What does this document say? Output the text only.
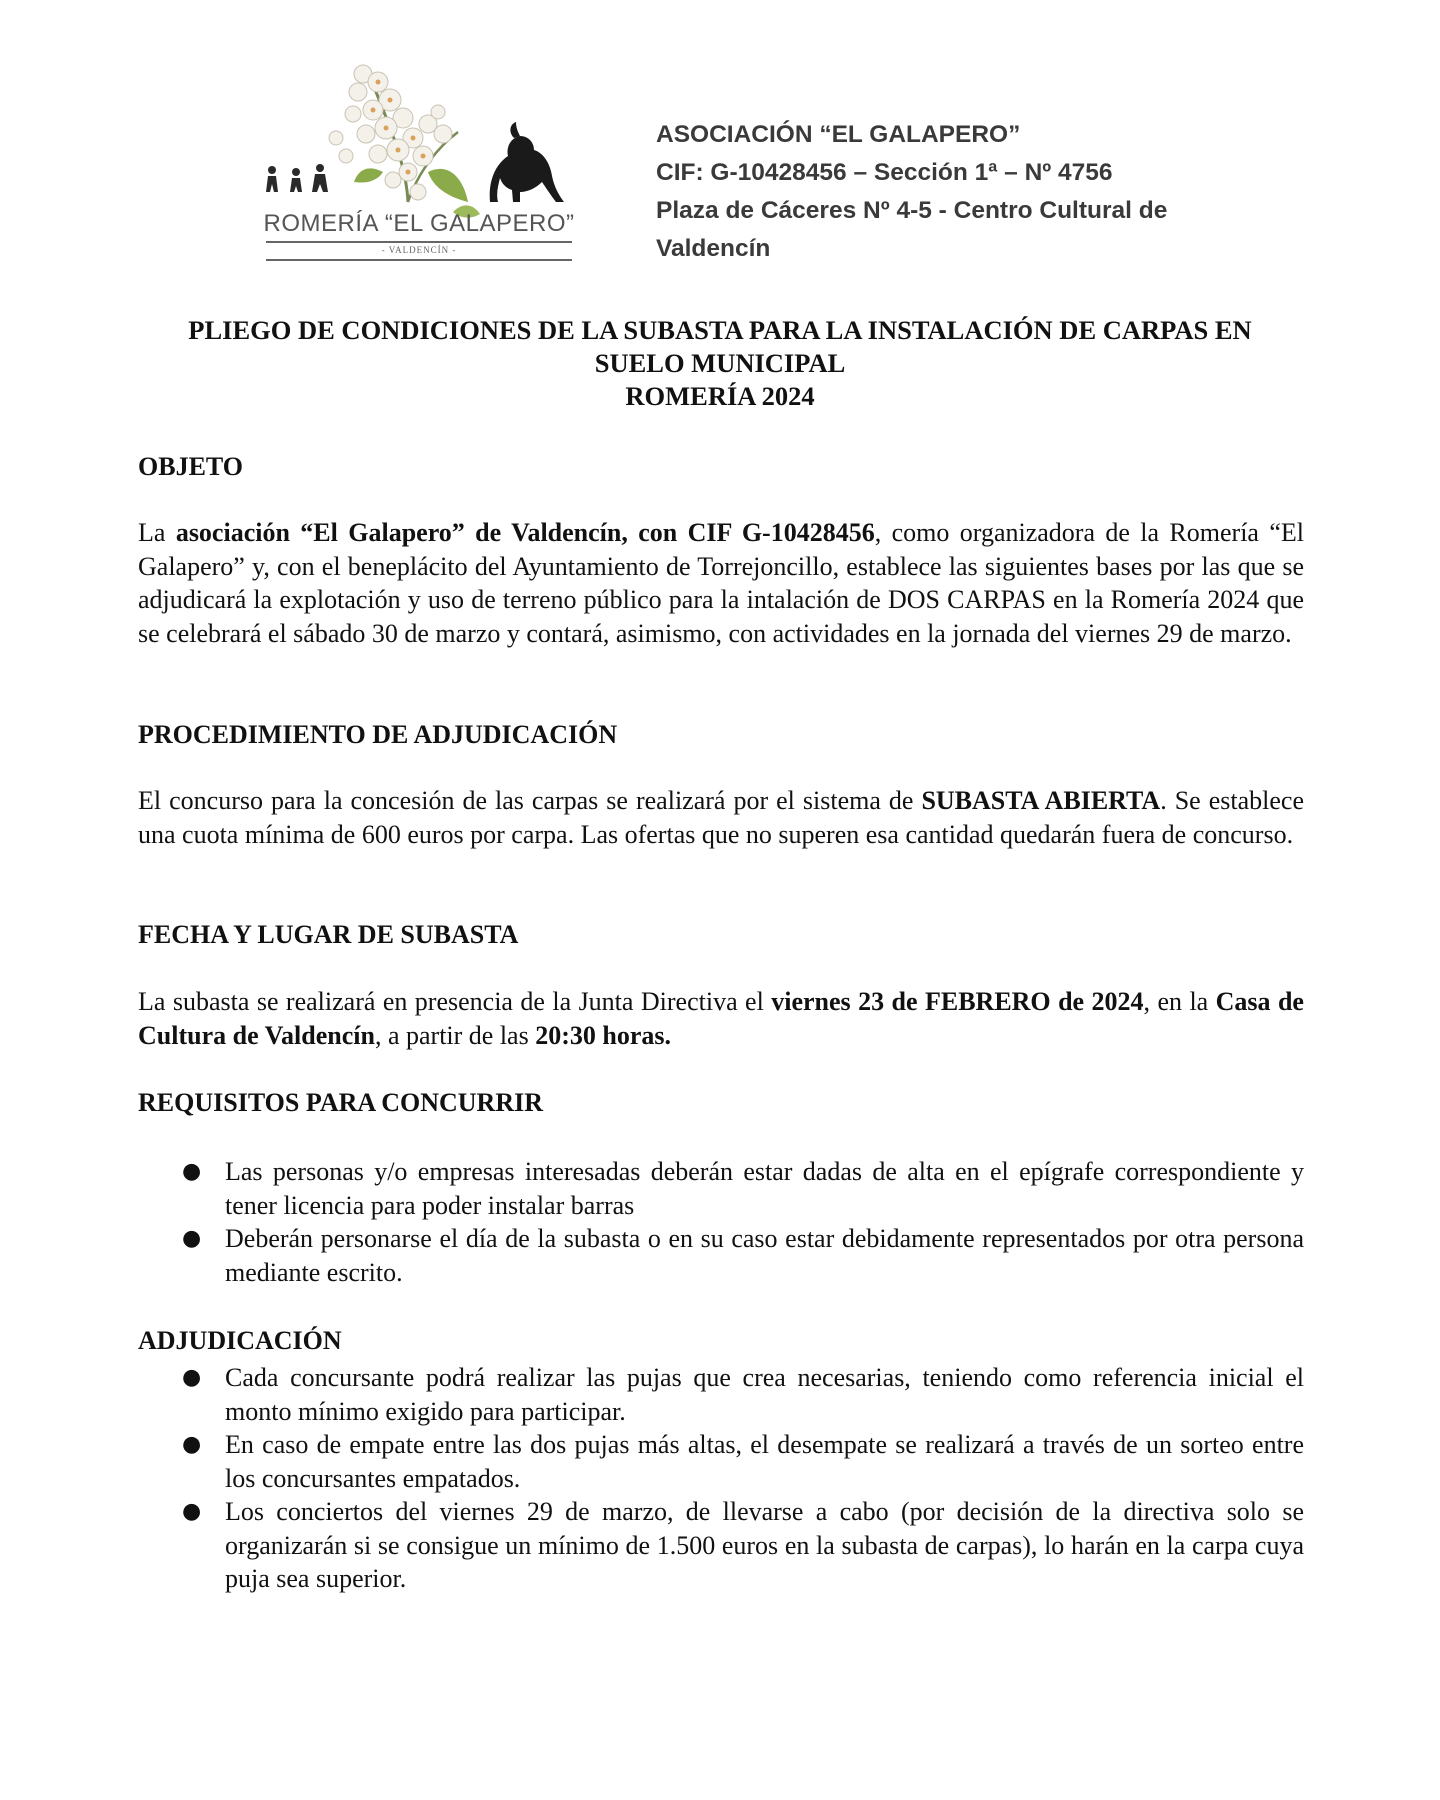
ROMERÍA “EL GALAPERO”
- VALDENCÍN -
ASOCIACIÓN “EL GALAPERO”
CIF: G-10428456 – Sección 1ª – Nº 4756
Plaza de Cáceres Nº 4-5 - Centro Cultural de
Valdencín
PLIEGO DE CONDICIONES DE LA SUBASTA PARA LA INSTALACIÓN DE CARPAS EN
SUELO MUNICIPAL
ROMERÍA 2024
OBJETO
La asociación “El Galapero” de Valdencín, con CIF G-10428456, como organizadora de la Romería “El Galapero” y, con el beneplácito del Ayuntamiento de Torrejoncillo, establece las siguientes bases por las que se adjudicará la explotación y uso de terreno público para la intalación de DOS CARPAS en la Romería 2024 que se celebrará el sábado 30 de marzo y contará, asimismo, con actividades en la jornada del viernes 29 de marzo.
PROCEDIMIENTO DE ADJUDICACIÓN
El concurso para la concesión de las carpas se realizará por el sistema de SUBASTA ABIERTA. Se establece una cuota mínima de 600 euros por carpa. Las ofertas que no superen esa cantidad quedarán fuera de concurso.
FECHA Y LUGAR DE SUBASTA
La subasta se realizará en presencia de la Junta Directiva el viernes 23 de FEBRERO de 2024, en la Casa de Cultura de Valdencín, a partir de las 20:30 horas.
REQUISITOS PARA CONCURRIR
● Las personas y/o empresas interesadas deberán estar dadas de alta en el epígrafe correspondiente y tener licencia para poder instalar barras
● Deberán personarse el día de la subasta o en su caso estar debidamente representados por otra persona mediante escrito.
ADJUDICACIÓN
● Cada concursante podrá realizar las pujas que crea necesarias, teniendo como referencia inicial el monto mínimo exigido para participar.
● En caso de empate entre las dos pujas más altas, el desempate se realizará a través de un sorteo entre los concursantes empatados.
● Los conciertos del viernes 29 de marzo, de llevarse a cabo (por decisión de la directiva solo se organizarán si se consigue un mínimo de 1.500 euros en la subasta de carpas), lo harán en la carpa cuya puja sea superior.
